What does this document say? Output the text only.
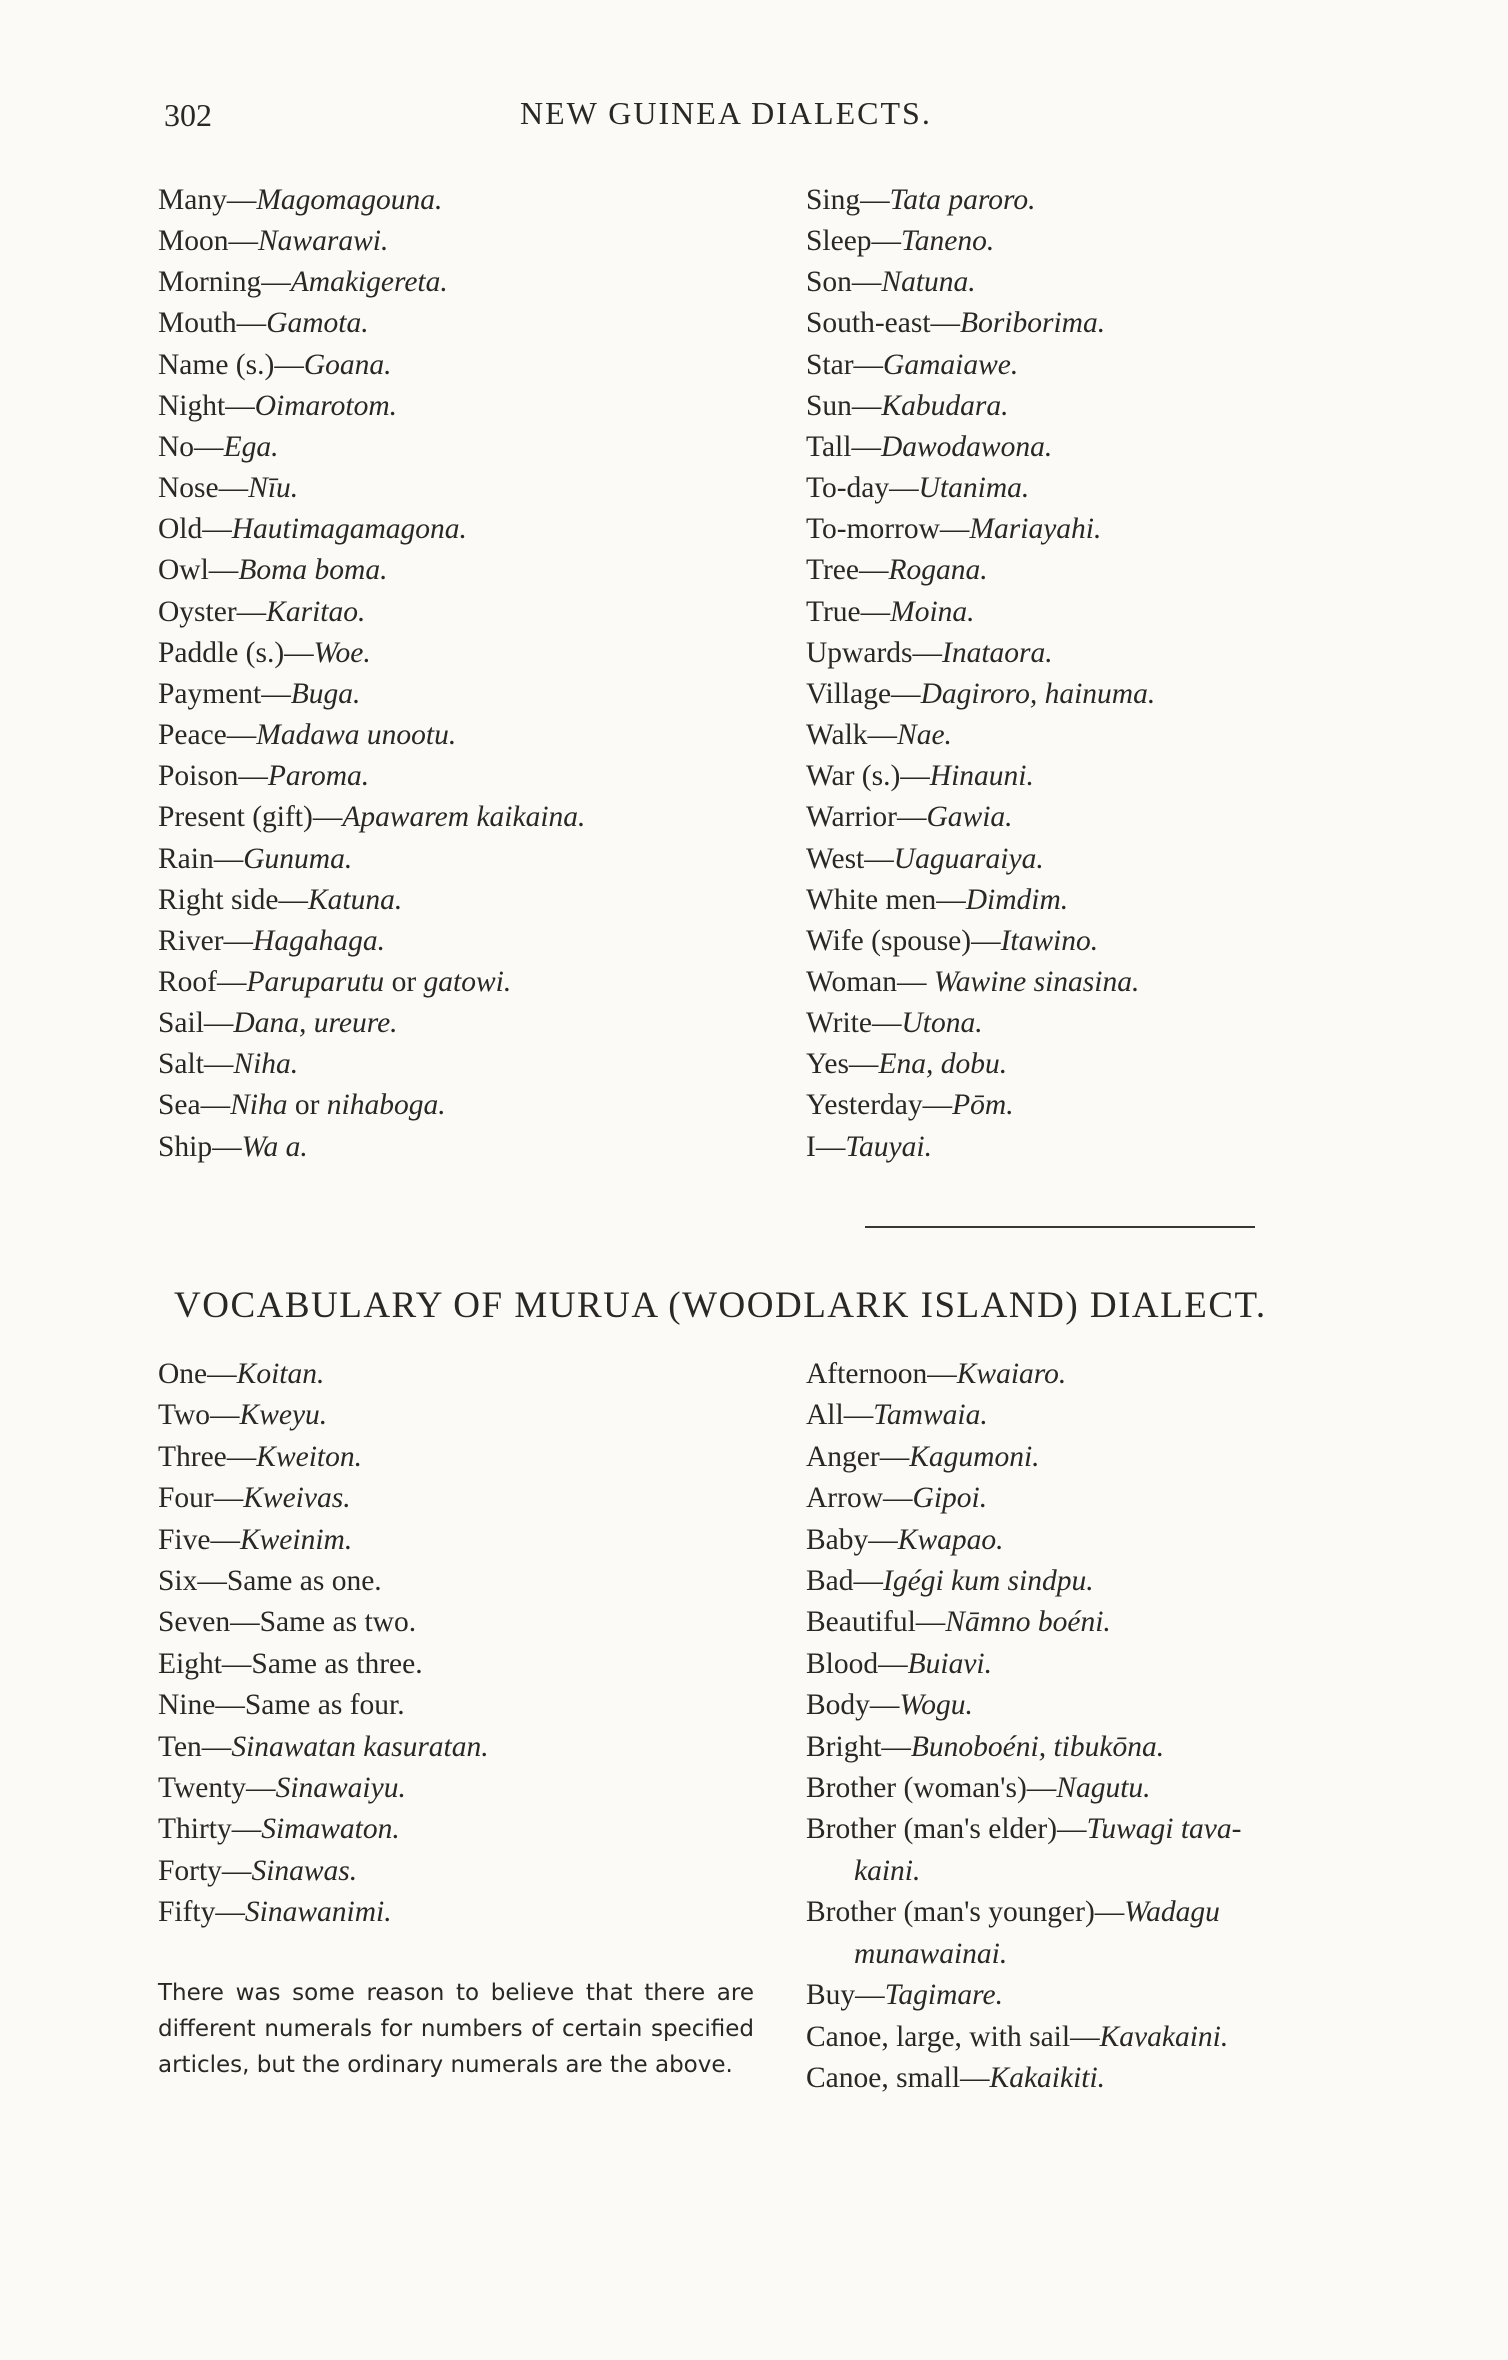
302	NEW GUINEA DIALECTS.
Many—Magomagouna.
Moon—Nawarawi.
Morning—Amakigereta.
Mouth—Gamota.
Name (s.)—Goana.
Night—Oimarotom.
No—Ega.
Nose—Nīu.
Old—Hautimagamagona.
Owl—Boma boma.
Oyster—Karitao.
Paddle (s.)—Woe.
Payment—Buga.
Peace—Madawa unootu.
Poison—Paroma.
Present (gift)—Apawarem kaikaina.
Rain—Gunuma.
Right side—Katuna.
River—Hagahaga.
Roof—Paruparutu or gatowi.
Sail—Dana, ureure.
Salt—Niha.
Sea—Niha or nihaboga.
Ship—Wa a.
Sing—Tata paroro.
Sleep—Taneno.
Son—Natuna.
South-east—Boriborima.
Star—Gamaiawe.
Sun—Kabudara.
Tall—Dawodawona.
To-day—Utanima.
To-morrow—Mariayahi.
Tree—Rogana.
True—Moina.
Upwards—Inataora.
Village—Dagiroro, hainuma.
Walk—Nae.
War (s.)—Hinauni.
Warrior—Gawia.
West—Uaguaraiya.
White men—Dimdim.
Wife (spouse)—Itawino.
Woman— Wawine sinasina.
Write—Utona.
Yes—Ena, dobu.
Yesterday—Pōm.
I—Tauyai.
VOCABULARY OF MURUA (WOODLARK ISLAND) DIALECT.
One—Koitan.
Two—Kweyu.
Three—Kweiton.
Four—Kweivas.
Five—Kweinim.
Six—Same as one.
Seven—Same as two.
Eight—Same as three.
Nine—Same as four.
Ten—Sinawatan kasuratan.
Twenty—Sinawaiyu.
Thirty—Simawaton.
Forty—Sinawas.
Fifty—Sinawanimi.
Afternoon—Kwaiaro.
All—Tamwaia.
Anger—Kagumoni.
Arrow—Gipoi.
Baby—Kwapao.
Bad—Igégi kum sindpu.
Beautiful—Nāmno boéni.
Blood—Buiavi.
Body—Wogu.
Bright—Bunoboéni, tibukōna.
Brother (woman's)—Nagutu.
Brother (man's elder)—Tuwagi tava-
kaini.
Brother (man's younger)—Wadagu
munawainai.
Buy—Tagimare.
Canoe, large, with sail—Kavakaini.
Canoe, small—Kakaikiti.

There was some reason to believe that there are different numerals for numbers of certain specified articles, but the ordinary numerals are the above.
